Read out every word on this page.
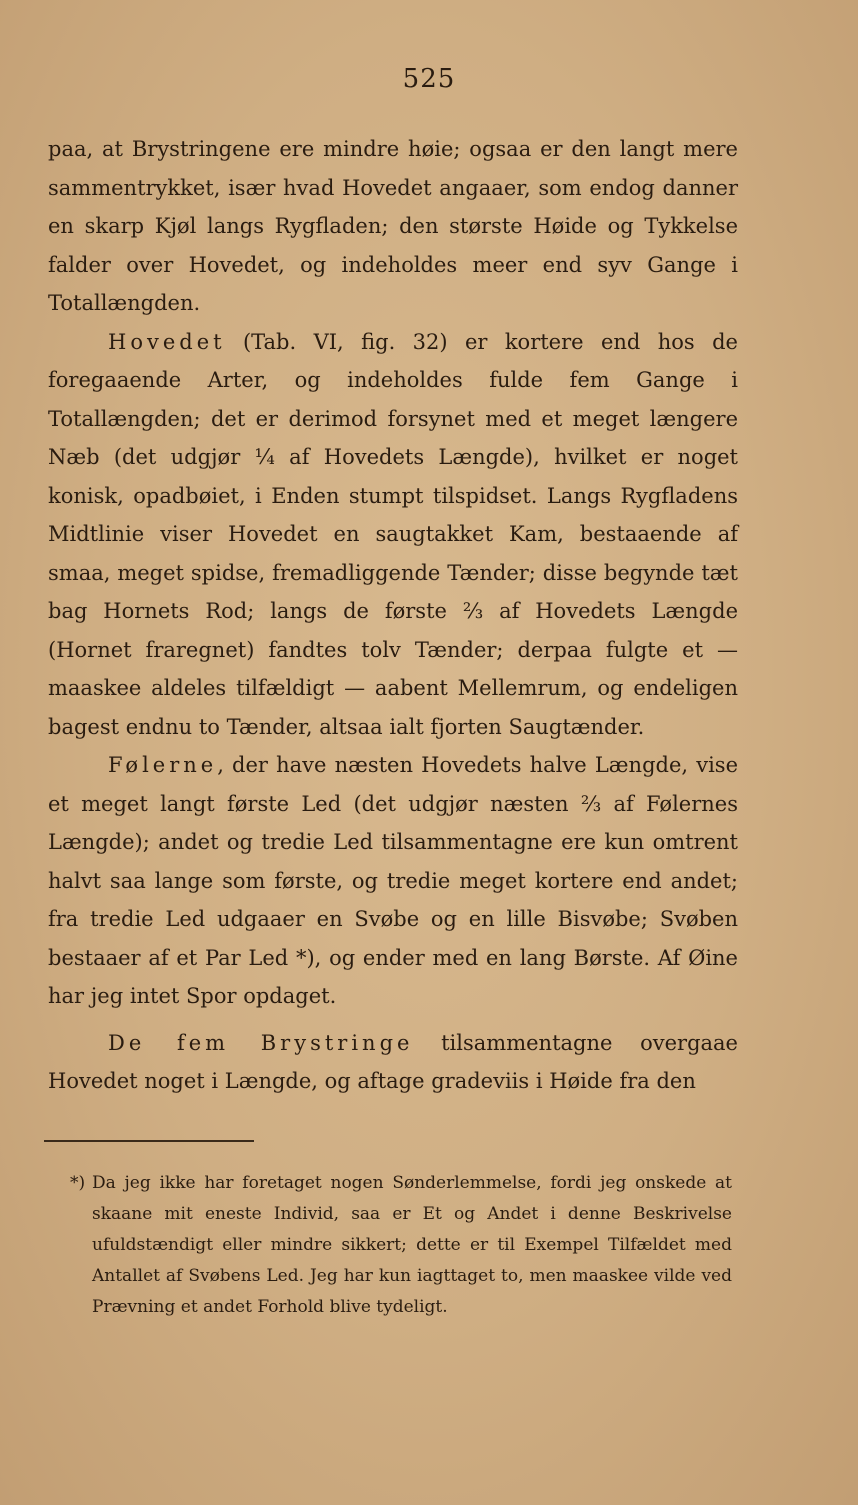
525

paa, at Brystringene ere mindre høie; ogsaa er den langt mere sammentrykket, især hvad Hovedet angaaer, som endog danner en skarp Kjøl langs Rygfladen; den største Høide og Tykkelse falder over Hovedet, og indeholdes meer end syv Gange i Totallængden.

Hovedet (Tab. VI, fig. 32) er kortere end hos de foregaaende Arter, og indeholdes fulde fem Gange i Totallængden; det er derimod forsynet med et meget længere Næb (det udgjør ¼ af Hovedets Længde), hvilket er noget konisk, opadbøiet, i Enden stumpt tilspidset. Langs Rygfladens Midtlinie viser Hovedet en saugtakket Kam, bestaaende af smaa, meget spidse, fremadliggende Tænder; disse begynde tæt bag Hornets Rod; langs de første ⅔ af Hovedets Længde (Hornet fraregnet) fandtes tolv Tænder; derpaa fulgte et — maaskee aldeles tilfældigt — aabent Mellemrum, og endeligen bagest endnu to Tænder, altsaa ialt fjorten Saugtænder.

Følerne, der have næsten Hovedets halve Længde, vise et meget langt første Led (det udgjør næsten ⅔ af Følernes Længde); andet og tredie Led tilsammentagne ere kun omtrent halvt saa lange som første, og tredie meget kortere end andet; fra tredie Led udgaaer en Svøbe og en lille Bisvøbe; Svøben bestaaer af et Par Led *), og ender med en lang Børste. Af Øine har jeg intet Spor opdaget.

De fem Brystringe tilsammentagne overgaae Hovedet noget i Længde, og aftage gradeviis i Høide fra den

*) Da jeg ikke har foretaget nogen Sønderlemmelse, fordi jeg onskede at skaane mit eneste Individ, saa er Et og Andet i denne Beskrivelse ufuldstændigt eller mindre sikkert; dette er til Exempel Tilfældet med Antallet af Svøbens Led. Jeg har kun iagttaget to, men maaskee vilde ved Prævning et andet Forhold blive tydeligt.
